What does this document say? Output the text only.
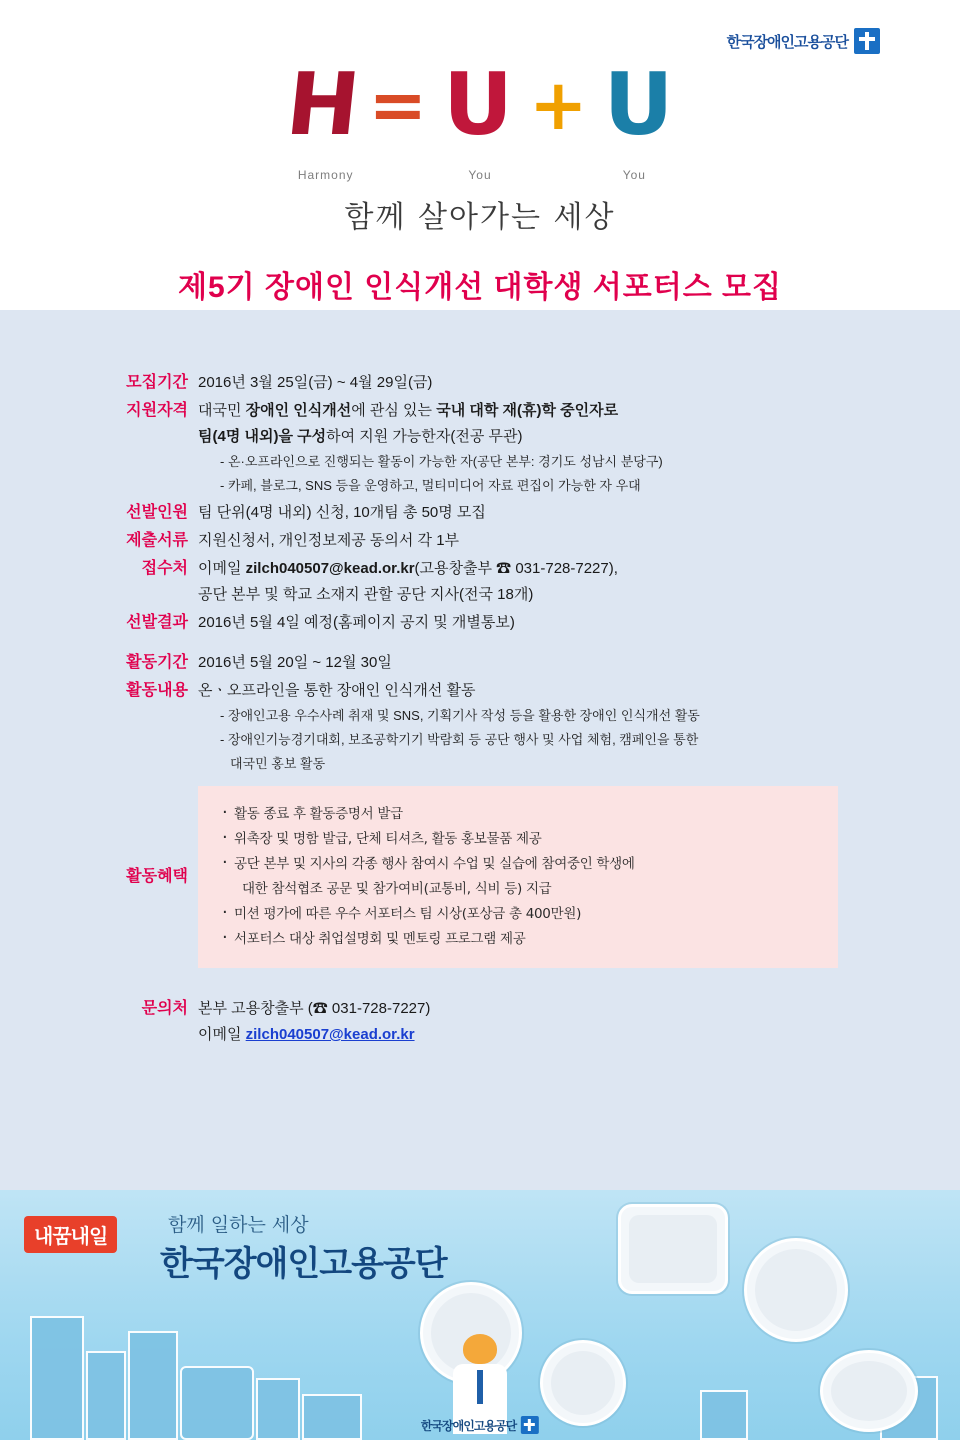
한국장애인고용공단
H = U + U
Harmony	You	You
함께 살아가는 세상
제5기 장애인 인식개선 대학생 서포터스 모집
모집기간 2016년 3월 25일(금) ~ 4월 29일(금)
지원자격 대국민 장애인 인식개선에 관심 있는 국내 대학 재(휴)학 중인자로
팀(4명 내외)을 구성하여 지원 가능한자(전공 무관)
- 온·오프라인으로 진행되는 활동이 가능한 자(공단 본부: 경기도 성남시 분당구)
- 카페, 블로그, SNS 등을 운영하고, 멀티미디어 자료 편집이 가능한 자 우대
선발인원 팀 단위(4명 내외) 신청, 10개팀 총 50명 모집
제출서류 지원신청서, 개인정보제공 동의서 각 1부
접수처 이메일 zilch040507@kead.or.kr(고용창출부 ☎ 031-728-7227),
공단 본부 및 학교 소재지 관할 공단 지사(전국 18개)
선발결과 2016년 5월 4일 예정(홈페이지 공지 및 개별통보)
활동기간 2016년 5월 20일 ~ 12월 30일
활동내용 온ㆍ오프라인을 통한 장애인 인식개선 활동
- 장애인고용 우수사례 취재 및 SNS, 기획기사 작성 등을 활용한 장애인 인식개선 활동
- 장애인기능경기대회, 보조공학기기 박람회 등 공단 행사 및 사업 체험, 캠페인을 통한
대국민 홍보 활동
활동혜택
· 활동 종료 후 활동증명서 발급
· 위촉장 및 명함 발급, 단체 티셔츠, 활동 홍보물품 제공
· 공단 본부 및 지사의 각종 행사 참여시 수업 및 실습에 참여중인 학생에
대한 참석협조 공문 및 참가여비(교통비, 식비 등) 지급
· 미션 평가에 따른 우수 서포터스 팀 시상(포상금 총 400만원)
· 서포터스 대상 취업설명회 및 멘토링 프로그램 제공
문의처 본부 고용창출부 (☎ 031-728-7227)
이메일 zilch040507@kead.or.kr
내꿈내일
함께 일하는 세상
한국장애인고용공단
한국장애인고용공단
